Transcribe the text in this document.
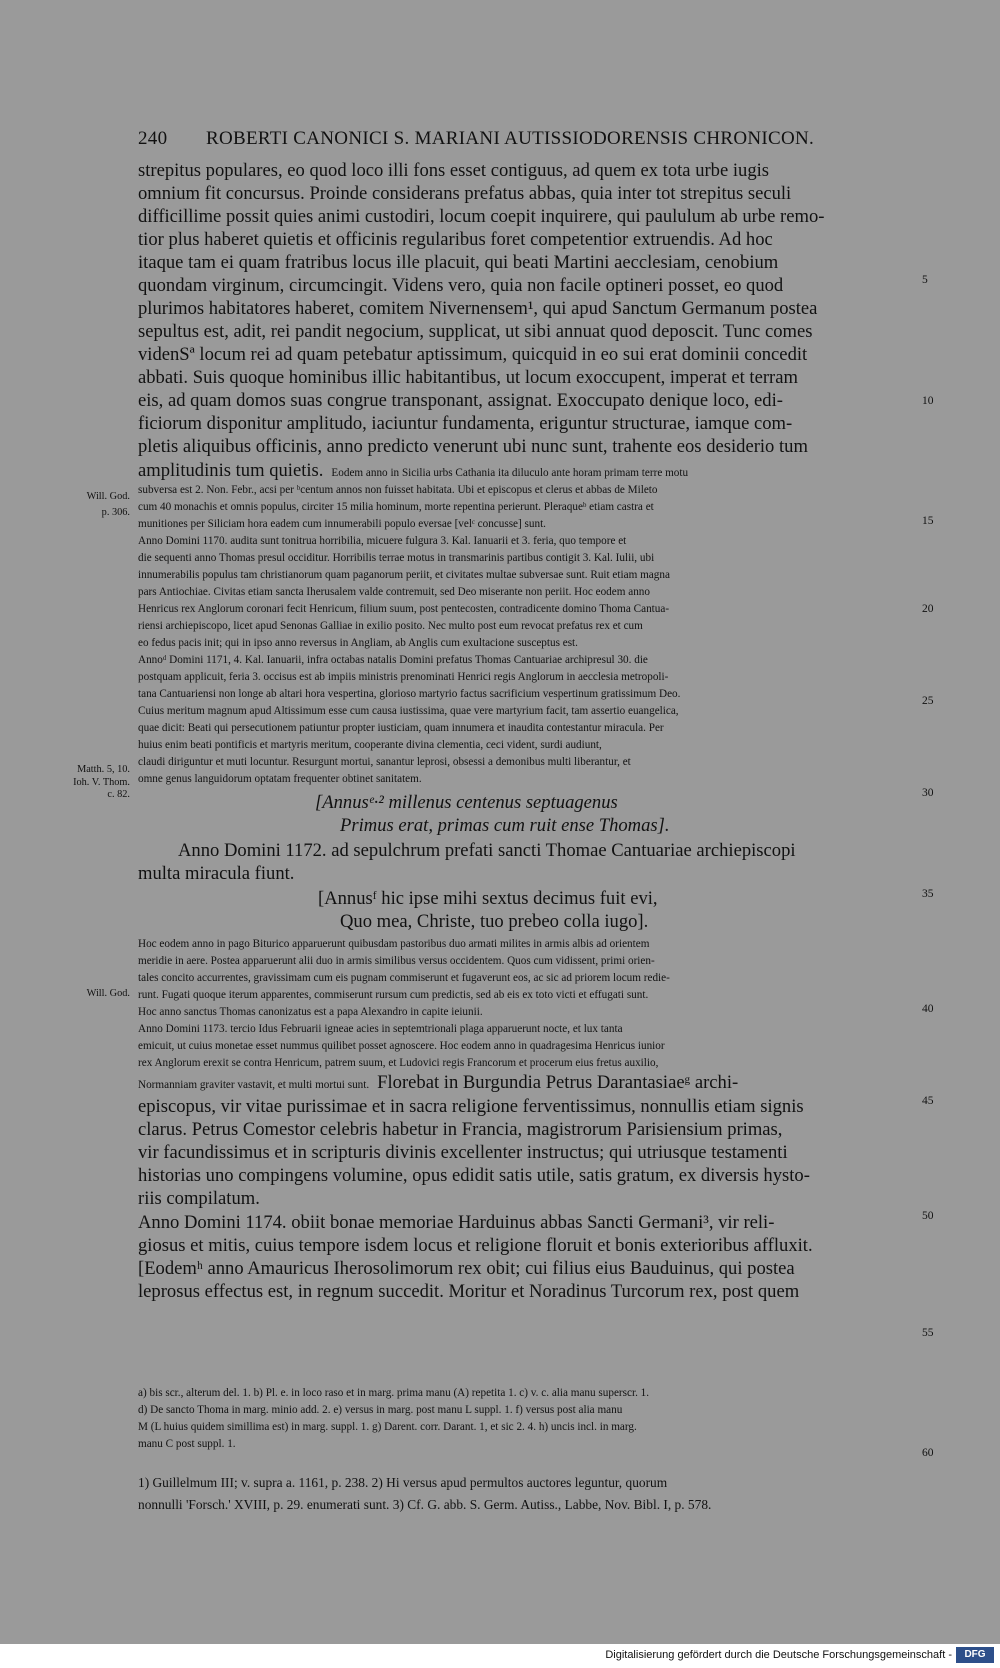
240 ROBERTI CANONICI S. MARIANI AUTISSIODORENSIS CHRONICON.
strepitus populares, eo quod loco illi fons esset contiguus, ad quem ex tota urbe iugis
omnium fit concursus. Proinde considerans prefatus abbas, quia inter tot strepitus seculi
difficillime possit quies animi custodiri, locum coepit inquirere, qui paululum ab urbe remo-
tior plus haberet quietis et officinis regularibus foret competentior extruendis. Ad hoc
itaque tam ei quam fratribus locus ille placuit, qui beati Martini aecclesiam, cenobium
quondam virginum, circumcingit. Videns vero, quia non facile optineri posset, eo quod
plurimos habitatores haberet, comitem Nivernensem¹, qui apud Sanctum Germanum postea
sepultus est, adit, rei pandit negocium, supplicat, ut sibi annuat quod deposcit. Tunc comes
videnSª locum rei ad quam petebatur aptissimum, quicquid in eo sui erat dominii concedit
abbati. Suis quoque hominibus illic habitantibus, ut locum exoccupent, imperat et terram
eis, ad quam domos suas congrue transponant, assignat. Exoccupato denique loco, edi-
ficiorum disponitur amplitudo, iaciuntur fundamenta, eriguntur structurae, iamque com-
pletis aliquibus officinis, anno predicto venerunt ubi nunc sunt, trahente eos desiderio tum
amplitudinis tum quietis. Eodem anno in Sicilia urbs Cathania ita diluculo ante horam primam terre motu
subversa est 2. Non. Febr., acsi per ᵇcentum annos non fuisset habitata. Ubi et episcopus et clerus et abbas de Mileto
cum 40 monachis et omnis populus, circiter 15 milia hominum, morte repentina perierunt. Pleraqueᵇ etiam castra et
munitiones per Siliciam hora eadem cum innumerabili populo eversae [velᶜ concusse] sunt.
Anno Domini 1170. audita sunt tonitrua horribilia, micuere fulgura 3. Kal. Ianuarii et 3. feria, quo tempore et
die sequenti anno Thomas presul occiditur. Horribilis terrae motus in transmarinis partibus contigit 3. Kal. Iulii, ubi
innumerabilis populus tam christianorum quam paganorum periit, et civitates multae subversae sunt. Ruit etiam magna
pars Antiochiae. Civitas etiam sancta Iherusalem valde contremuit, sed Deo miserante non periit. Hoc eodem anno
Henricus rex Anglorum coronari fecit Henricum, filium suum, post pentecosten, contradicente domino Thoma Cantua-
riensi archiepiscopo, licet apud Senonas Galliae in exilio posito. Nec multo post eum revocat prefatus rex et cum
eo fedus pacis init; qui in ipso anno reversus in Angliam, ab Anglis cum exultacione susceptus est.
Annoᵈ Domini 1171, 4. Kal. Ianuarii, infra octabas natalis Domini prefatus Thomas Cantuariae archipresul 30. die
postquam applicuit, feria 3. occisus est ab impiis ministris prenominati Henrici regis Anglorum in aecclesia metropoli-
tana Cantuariensi non longe ab altari hora vespertina, glorioso martyrio factus sacrificium vespertinum gratissimum Deo.
Cuius meritum magnum apud Altissimum esse cum causa iustissima, quae vere martyrium facit, tam assertio euangelica,
quae dicit: Beati qui persecutionem patiuntur propter iusticiam, quam innumera et inaudita contestantur miracula. Per
huius enim beati pontificis et martyris meritum, cooperante divina clementia, ceci vident, surdi audiunt,
claudi diriguntur et muti locuntur. Resurgunt mortui, sanantur leprosi, obsessi a demonibus multi liberantur, et
omne genus languidorum optatam frequenter obtinet sanitatem.
[Annusᵉ·² millenus centenus septuagenus
Primus erat, primas cum ruit ense Thomas].
Anno Domini 1172. ad sepulchrum prefati sancti Thomae Cantuariae archiepiscopi
multa miracula fiunt.
[Annusᶠ hic ipse mihi sextus decimus fuit evi,
Quo mea, Christe, tuo prebeo colla iugo].
Hoc eodem anno in pago Biturico apparuerunt quibusdam pastoribus duo armati milites in armis albis ad orientem
meridie in aere. Postea apparuerunt alii duo in armis similibus versus occidentem. Quos cum vidissent, primi orien-
tales concito accurrentes, gravissimam cum eis pugnam commiserunt et fugaverunt eos, ac sic ad priorem locum redie-
runt. Fugati quoque iterum apparentes, commiserunt rursum cum predictis, sed ab eis ex toto victi et effugati sunt.
Hoc anno sanctus Thomas canonizatus est a papa Alexandro in capite ieiunii.
Anno Domini 1173. tercio Idus Februarii igneae acies in septemtrionali plaga apparuerunt nocte, et lux tanta
emicuit, ut cuius monetae esset nummus quilibet posset agnoscere. Hoc eodem anno in quadragesima Henricus iunior
rex Anglorum erexit se contra Henricum, patrem suum, et Ludovici regis Francorum et procerum eius fretus auxilio,
Normanniam graviter vastavit, et multi mortui sunt. Florebat in Burgundia Petrus Darantasiaeᵍ archi-
episcopus, vir vitae purissimae et in sacra religione ferventissimus, nonnullis etiam signis
clarus. Petrus Comestor celebris habetur in Francia, magistrorum Parisiensium primas,
vir facundissimus et in scripturis divinis excellenter instructus; qui utriusque testamenti
historias uno compingens volumine, opus edidit satis utile, satis gratum, ex diversis hysto-
riis compilatum.
Anno Domini 1174. obiit bonae memoriae Harduinus abbas Sancti Germani³, vir reli-
giosus et mitis, cuius tempore isdem locus et religione floruit et bonis exterioribus affluxit.
[Eodemʰ anno Amauricus Iherosolimorum rex obit; cui filius eius Bauduinus, qui postea
leprosus effectus est, in regnum succedit. Moritur et Noradinus Turcorum rex, post quem
Will. God.
p. 306.
Matth. 5, 10.
Ioh. V. Thom.
c. 82.
Will. God.
5
10
15
20
25
30
35
40
45
50
55
60
a) bis scr., alterum del. 1. b) Pl. e. in loco raso et in marg. prima manu (A) repetita 1. c) v. c. alia manu superscr. 1.
d) De sancto Thoma in marg. minio add. 2. e) versus in marg. post manu L suppl. 1. f) versus post alia manu
M (L huius quidem simillima est) in marg. suppl. 1. g) Darent. corr. Darant. 1, et sic 2. 4. h) uncis incl. in marg.
manu C post suppl. 1.
1) Guillelmum III; v. supra a. 1161, p. 238. 2) Hi versus apud permultos auctores leguntur, quorum
nonnulli 'Forsch.' XVIII, p. 29. enumerati sunt. 3) Cf. G. abb. S. Germ. Autiss., Labbe, Nov. Bibl. I, p. 578.
Digitalisierung gefördert durch die Deutsche Forschungsgemeinschaft -	DFG
